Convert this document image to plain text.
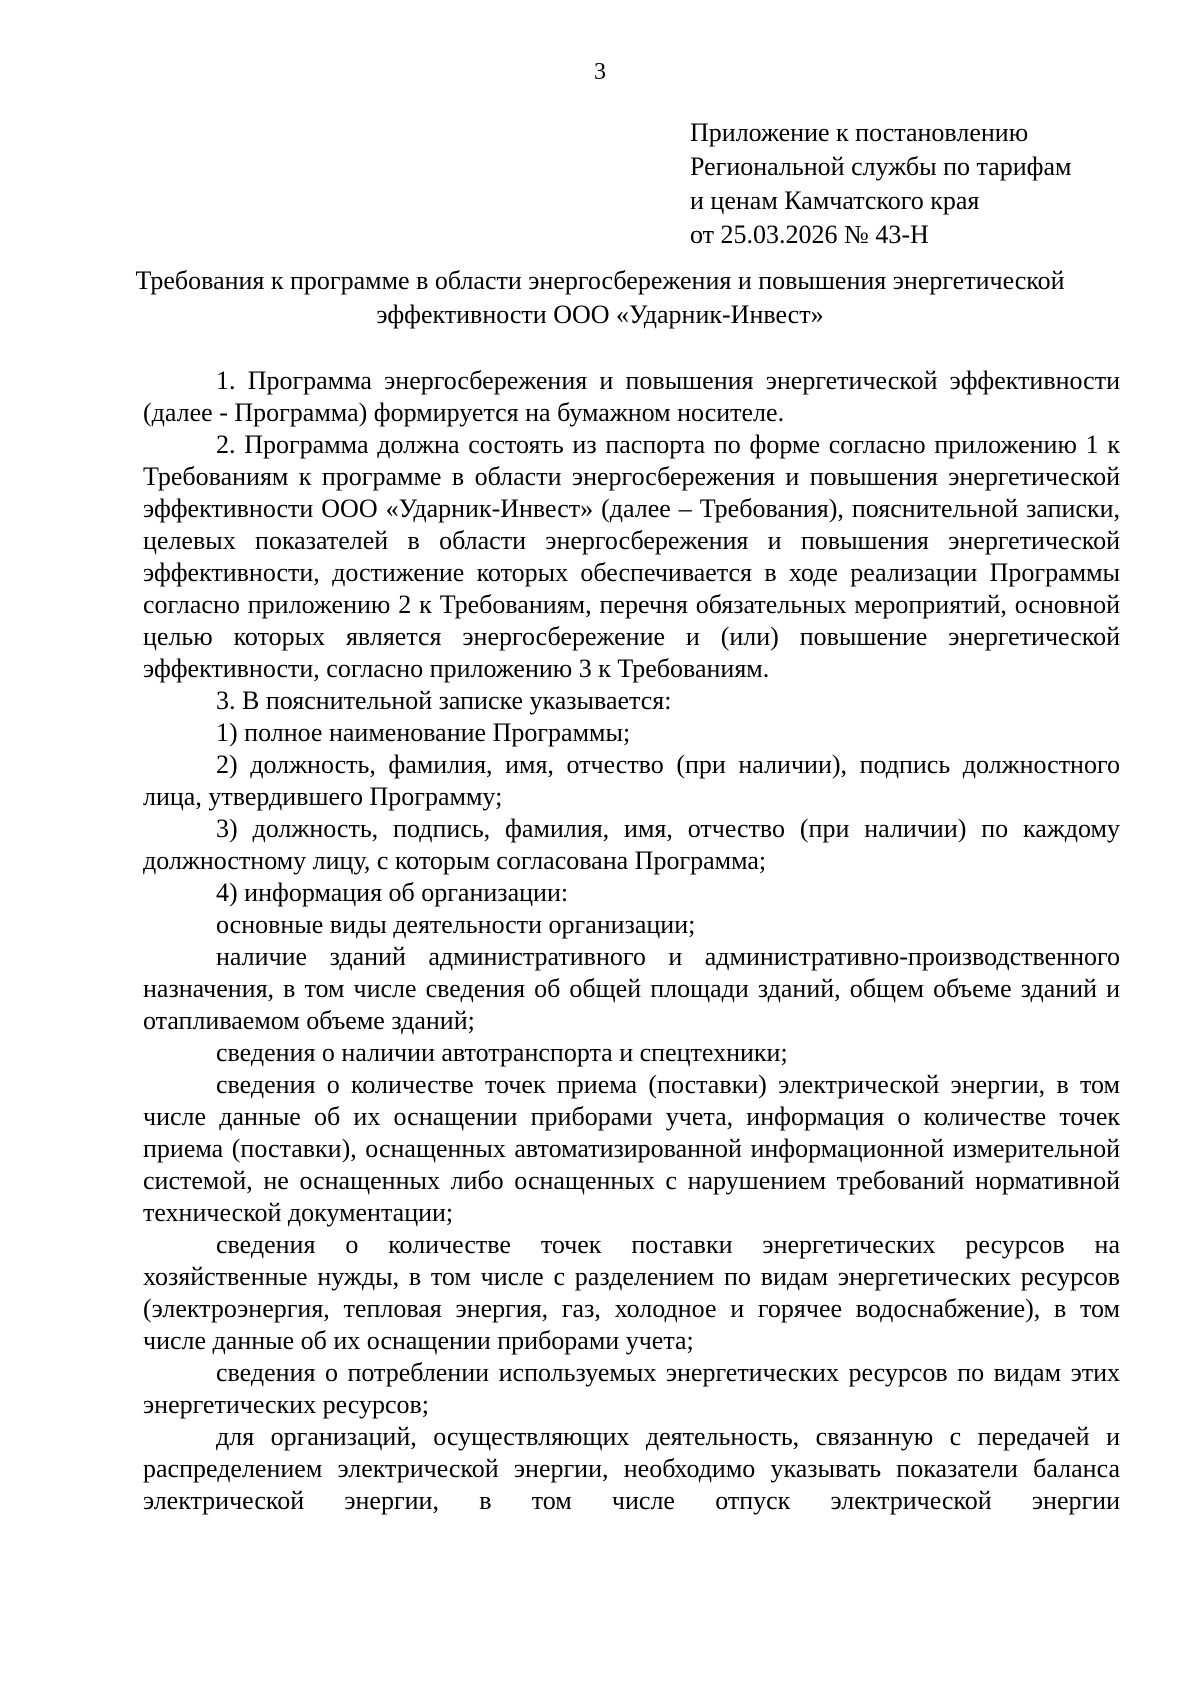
3
Приложение к постановлению
Региональной службы по тарифам
и ценам Камчатского края
от 25.03.2026 № 43-Н
Требования к программе в области энергосбережения и повышения энергетической
эффективности ООО «Ударник-Инвест»

1. Программа энергосбережения и повышения энергетической эффективности (далее - Программа) формируется на бумажном носителе.

2. Программа должна состоять из паспорта по форме согласно приложению 1 к Требованиям к программе в области энергосбережения и повышения энергетической эффективности ООО «Ударник-Инвест» (далее – Требования), пояснительной записки, целевых показателей в области энергосбережения и повышения энергетической эффективности, достижение которых обеспечивается в ходе реализации Программы согласно приложению 2 к Требованиям, перечня обязательных мероприятий, основной целью которых является энергосбережение и (или) повышение энергетической эффективности, согласно приложению 3 к Требованиям.

3. В пояснительной записке указывается:

1) полное наименование Программы;

2) должность, фамилия, имя, отчество (при наличии), подпись должностного лица, утвердившего Программу;

3) должность, подпись, фамилия, имя, отчество (при наличии) по каждому должностному лицу, с которым согласована Программа;

4) информация об организации:

основные виды деятельности организации;

наличие зданий административного и административно-производственного назначения, в том числе сведения об общей площади зданий, общем объеме зданий и отапливаемом объеме зданий;

сведения о наличии автотранспорта и спецтехники;

сведения о количестве точек приема (поставки) электрической энергии, в том числе данные об их оснащении приборами учета, информация о количестве точек приема (поставки), оснащенных автоматизированной информационной измерительной системой, не оснащенных либо оснащенных с нарушением требований нормативной технической документации;

сведения о количестве точек поставки энергетических ресурсов на хозяйственные нужды, в том числе с разделением по видам энергетических ресурсов (электроэнергия, тепловая энергия, газ, холодное и горячее водоснабжение), в том числе данные об их оснащении приборами учета;

сведения о потреблении используемых энергетических ресурсов по видам этих энергетических ресурсов;

для организаций, осуществляющих деятельность, связанную с передачей и распределением электрической энергии, необходимо указывать показатели баланса электрической энергии, в том числе отпуск электрической энергии
